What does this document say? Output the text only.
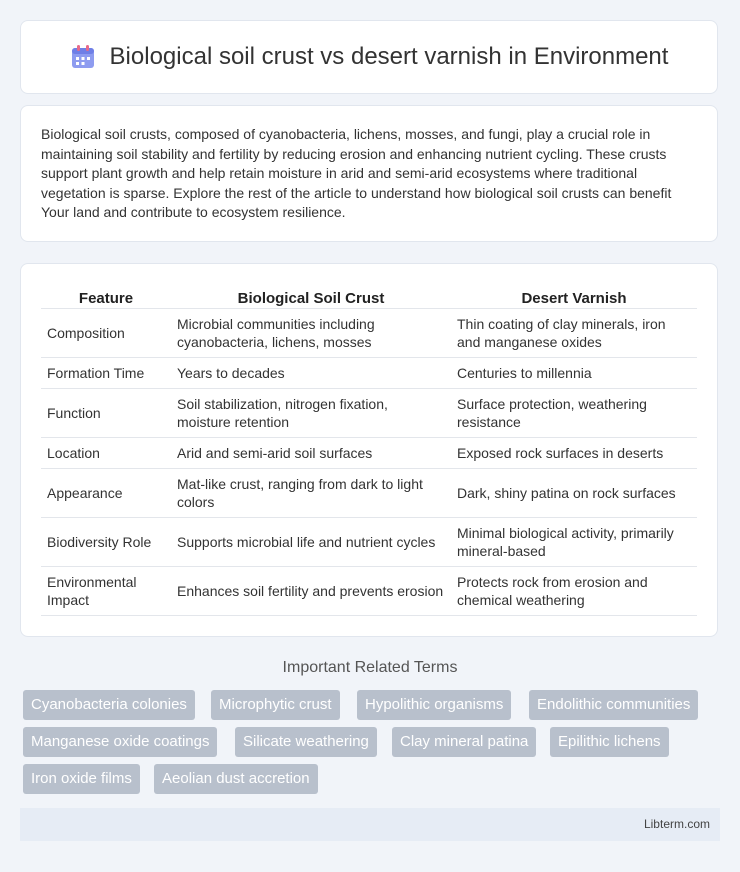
Biological soil crust vs desert varnish in Environment

Biological soil crusts, composed of cyanobacteria, lichens, mosses, and fungi, play a crucial role in maintaining soil stability and fertility by reducing erosion and enhancing nutrient cycling. These crusts support plant growth and help retain moisture in arid and semi-arid ecosystems where traditional vegetation is sparse. Explore the rest of the article to understand how biological soil crusts can benefit Your land and contribute to ecosystem resilience.

Feature	Biological Soil Crust	Desert Varnish
Composition	Microbial communities including cyanobacteria, lichens, mosses	Thin coating of clay minerals, iron and manganese oxides
Formation Time	Years to decades	Centuries to millennia
Function	Soil stabilization, nitrogen fixation, moisture retention	Surface protection, weathering resistance
Location	Arid and semi-arid soil surfaces	Exposed rock surfaces in deserts
Appearance	Mat-like crust, ranging from dark to light colors	Dark, shiny patina on rock surfaces
Biodiversity Role	Supports microbial life and nutrient cycles	Minimal biological activity, primarily mineral-based
Environmental Impact	Enhances soil fertility and prevents erosion	Protects rock from erosion and chemical weathering
Important Related Terms
Cyanobacteria colonies	Microphytic crust	Hypolithic organisms	Endolithic communities
Manganese oxide coatings	Silicate weathering	Clay mineral patina	Epilithic lichens
Iron oxide films	Aeolian dust accretion
Libterm.com
